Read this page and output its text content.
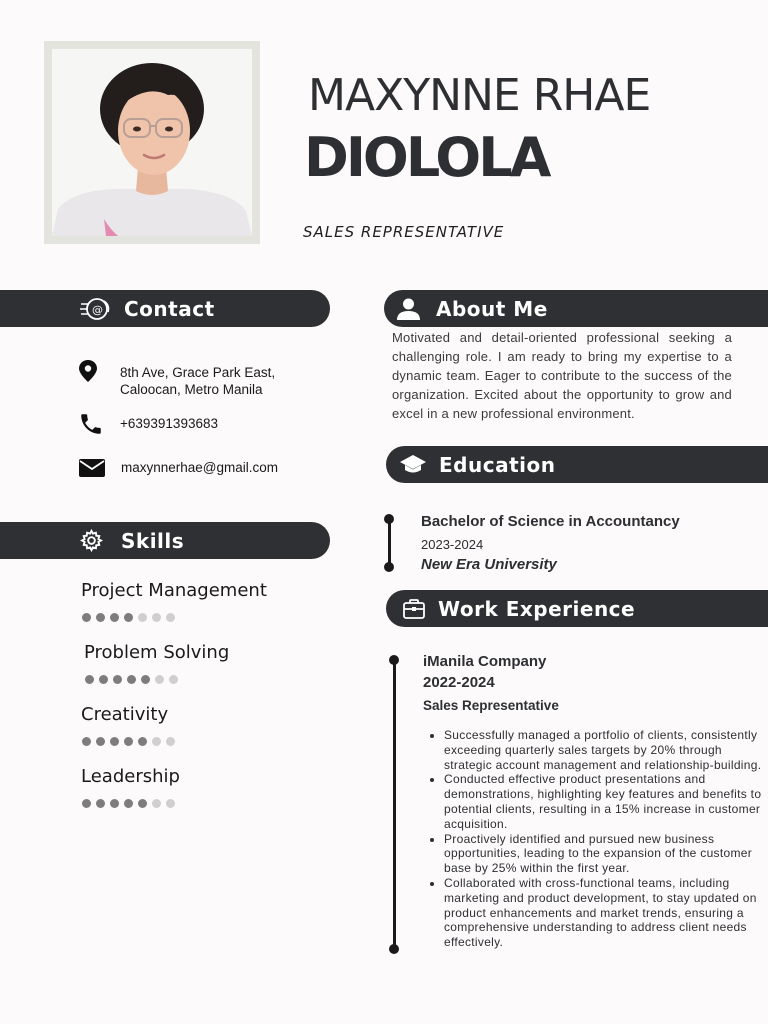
MAXYNNE RHAE
DIOLOLA
SALES REPRESENTATIVE
@ Contact
8th Ave, Grace Park East,
Caloocan, Metro Manila
+639391393683
maxynnerhae@gmail.com
Skills
Project Management
Problem Solving
Creativity
Leadership
About Me
Motivated and detail-oriented professional seeking a challenging role. I am ready to bring my expertise to a dynamic team. Eager to contribute to the success of the organization. Excited about the opportunity to grow and excel in a new professional environment.
Education
Bachelor of Science in Accountancy
2023-2024
New Era University
Work Experience
iManila Company
2022-2024
Sales Representative
• Successfully managed a portfolio of clients, consistently exceeding quarterly sales targets by 20% through strategic account management and relationship-building.
• Conducted effective product presentations and demonstrations, highlighting key features and benefits to potential clients, resulting in a 15% increase in customer acquisition.
• Proactively identified and pursued new business opportunities, leading to the expansion of the customer base by 25% within the first year.
• Collaborated with cross-functional teams, including marketing and product development, to stay updated on product enhancements and market trends, ensuring a comprehensive understanding to address client needs effectively.
